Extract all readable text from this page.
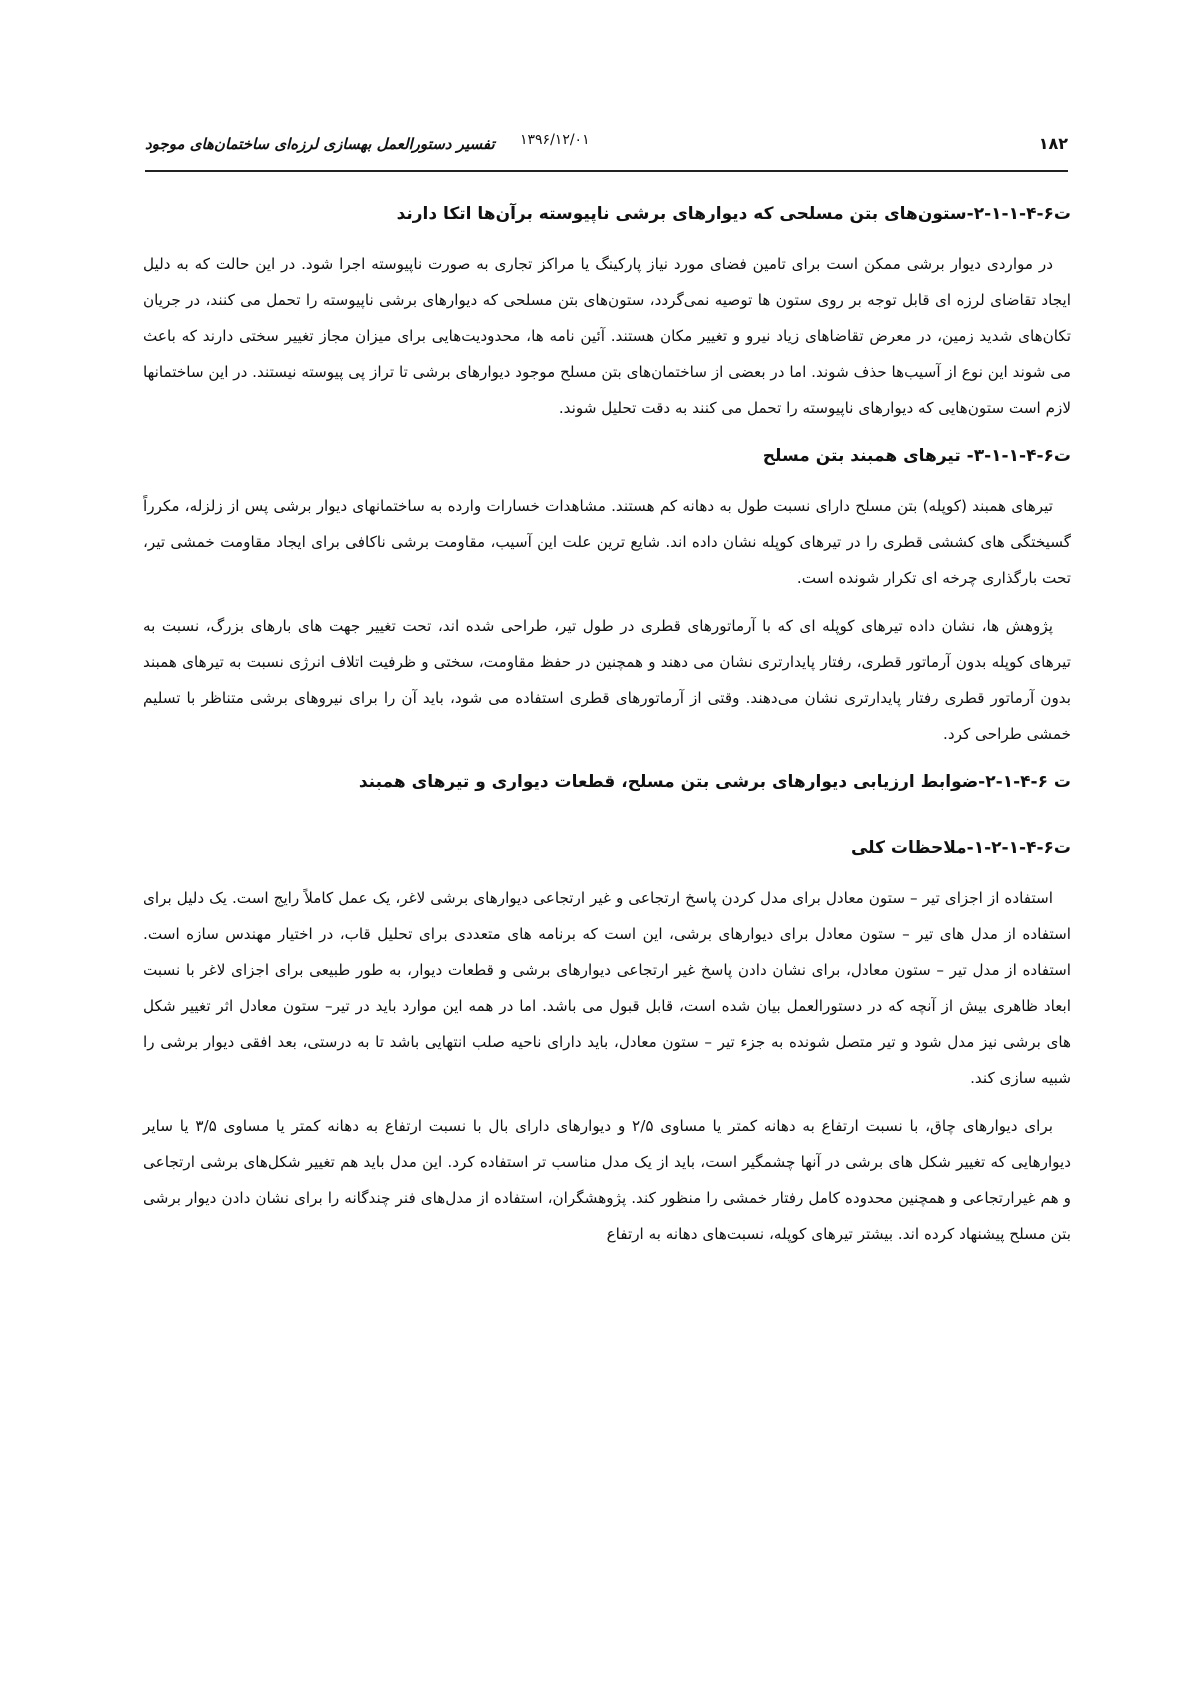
۱۸۲
۱۳۹۶/۱۲/۰۱
تفسیر دستورالعمل بهسازی لرزه‌ای ساختمان‌های موجود
ت۶-۴-۱-۱-۲-ستون‌های بتن مسلحی که دیوارهای برشی ناپیوسته برآن‌ها اتکا دارند

در مواردی دیوار برشی ممکن است برای تامین فضای مورد نیاز پارکینگ یا مراکز تجاری به صورت ناپیوسته اجرا شود. در این حالت که به دلیل ایجاد تقاضای لرزه ای قابل توجه بر روی ستون ها توصیه نمی‌گردد، ستون‌های بتن مسلحی که دیوارهای برشی ناپیوسته را تحمل می کنند، در جریان تکان‌های شدید زمین، در معرض تقاضاهای زیاد نیرو و تغییر مکان هستند. آئین نامه ها، محدودیت‌هایی برای میزان مجاز تغییر سختی دارند که باعث می شوند این نوع از آسیب‌ها حذف شوند. اما در بعضی از ساختمان‌های بتن مسلح موجود دیوارهای برشی تا تراز پی پیوسته نیستند. در این ساختمانها لازم است ستون‌هایی که دیوارهای ناپیوسته را تحمل می کنند به دقت تحلیل شوند.

ت۶-۴-۱-۱-۳- تیرهای همبند بتن مسلح

تیرهای همبند (کوپله) بتن مسلح دارای نسبت طول به دهانه کم هستند. مشاهدات خسارات وارده به ساختمانهای دیوار برشی پس از زلزله، مکرراً گسیختگی های کششی قطری را در تیرهای کوپله نشان داده اند. شایع ترین علت این آسیب، مقاومت برشی ناکافی برای ایجاد مقاومت خمشی تیر، تحت بارگذاری چرخه ای تکرار شونده است.

پژوهش ها، نشان داده تیرهای کوپله ای که با آرماتورهای قطری در طول تیر، طراحی شده اند، تحت تغییر جهت های بارهای بزرگ، نسبت به تیرهای کوپله بدون آرماتور قطری، رفتار پایدارتری نشان می دهند و همچنین در حفظ مقاومت، سختی و ظرفیت اتلاف انرژی نسبت به تیرهای همبند بدون آرماتور قطری رفتار پایدارتری نشان می‌دهند. وقتی از آرماتورهای قطری استفاده می شود، باید آن را برای نیروهای برشی متناظر با تسلیم خمشی طراحی کرد.

ت ۶-۴-۱-۲-ضوابط ارزیابی دیوارهای برشی بتن مسلح، قطعات دیواری و تیرهای همبند
ت۶-۴-۱-۲-۱-ملاحظات کلی

استفاده از اجزای تیر – ستون معادل برای مدل کردن پاسخ ارتجاعی و غیر ارتجاعی دیوارهای برشی لاغر، یک عمل کاملاً رایج است. یک دلیل برای استفاده از مدل های تیر – ستون معادل برای دیوارهای برشی، این است که برنامه های متعددی برای تحلیل قاب، در اختیار مهندس سازه است. استفاده از مدل تیر – ستون معادل، برای نشان دادن پاسخ غیر ارتجاعی دیوارهای برشی و قطعات دیوار، به طور طبیعی برای اجزای لاغر با نسبت ابعاد ظاهری بیش از آنچه که در دستورالعمل بیان شده است، قابل قبول می باشد. اما در همه این موارد باید در تیر– ستون معادل اثر تغییر شکل های برشی نیز مدل شود و تیر متصل شونده به جزء تیر – ستون معادل، باید دارای ناحیه صلب انتهایی باشد تا به درستی، بعد افقی دیوار برشی را شبیه سازی کند.

برای دیوارهای چاق، با نسبت ارتفاع به دهانه کمتر یا مساوی ۲/۵ و دیوارهای دارای بال با نسبت ارتفاع به دهانه کمتر یا مساوی ۳/۵ یا سایر دیوارهایی که تغییر شکل های برشی در آنها چشمگیر است، باید از یک مدل مناسب تر استفاده کرد. این مدل باید هم تغییر شکل‌های برشی ارتجاعی و هم غیرارتجاعی و همچنین محدوده کامل رفتار خمشی را منظور کند. پژوهشگران، استفاده از مدل‌های فنر چندگانه را برای نشان دادن دیوار برشی بتن مسلح پیشنهاد کرده اند. بیشتر تیرهای کوپله، نسبت‌های دهانه به ارتفاع
